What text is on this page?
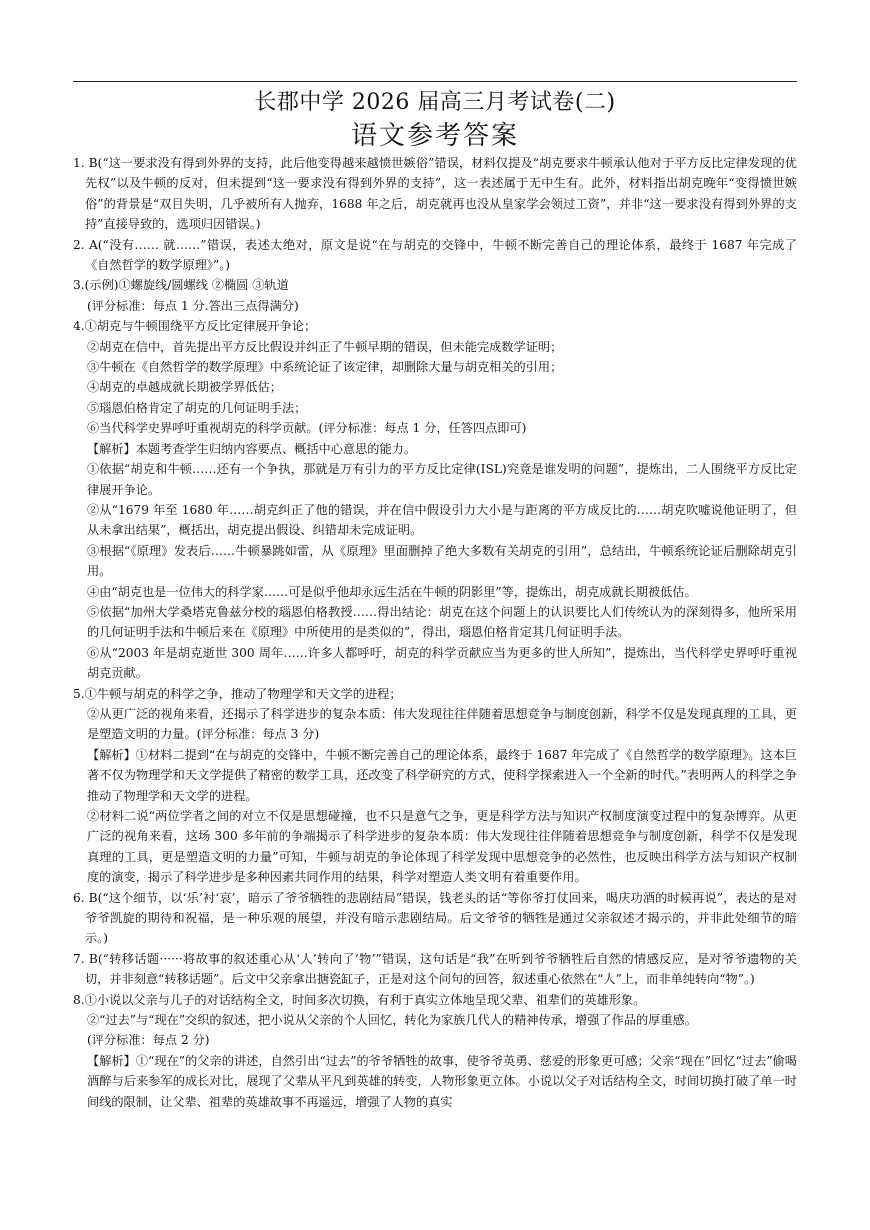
长郡中学 2026 届高三月考试卷(二)
语文参考答案

1. B(“这一要求没有得到外界的支持，此后他变得越来越愤世嫉俗”错误，材料仅提及“胡克要求牛顿承认他对于平方反比定律发现的优先权”以及牛顿的反对，但未提到“这一要求没有得到外界的支持”，这一表述属于无中生有。此外，材料指出胡克晚年“变得愤世嫉俗”的背景是“双目失明，几乎被所有人抛弃，1688 年之后，胡克就再也没从皇家学会领过工资”，并非“这一要求没有得到外界的支持”直接导致的，选项归因错误。)

2. A(“没有…… 就……”错误，表述太绝对，原文是说“在与胡克的交锋中，牛顿不断完善自己的理论体系，最终于 1687 年完成了《自然哲学的数学原理》”。)

3.(示例)①螺旋线/圆螺线 ②椭圆 ③轨道

(评分标准：每点 1 分.答出三点得满分)

4.①胡克与牛顿围绕平方反比定律展开争论；

②胡克在信中，首先提出平方反比假设并纠正了牛顿早期的错误，但未能完成数学证明；

③牛顿在《自然哲学的数学原理》中系统论证了该定律，却删除大量与胡克相关的引用；

④胡克的卓越成就长期被学界低估；

⑤瑙恩伯格肯定了胡克的几何证明手法；

⑥当代科学史界呼吁重视胡克的科学贡献。(评分标准：每点 1 分，任答四点即可)

【解析】本题考查学生归纳内容要点、概括中心意思的能力。

①依据“胡克和牛顿……还有一个争执，那就是万有引力的平方反比定律(ISL)究竟是谁发明的问题”，提炼出，二人围绕平方反比定律展开争论。

②从“1679 年至 1680 年……胡克纠正了他的错误，并在信中假设引力大小是与距离的平方成反比的……胡克吹嘘说他证明了，但从未拿出结果”，概括出，胡克提出假设、纠错却未完成证明。

③根据“《原理》发表后……牛顿暴跳如雷，从《原理》里面删掉了绝大多数有关胡克的引用”，总结出，牛顿系统论证后删除胡克引用。

④由“胡克也是一位伟大的科学家……可是似乎他却永远生活在牛顿的阴影里”等，提炼出，胡克成就长期被低估。

⑤依据“加州大学桑塔克鲁兹分校的瑙恩伯格教授……得出结论：胡克在这个问题上的认识要比人们传统认为的深刻得多，他所采用的几何证明手法和牛顿后来在《原理》中所使用的是类似的”，得出，瑙恩伯格肯定其几何证明手法。

⑥从“2003 年是胡克逝世 300 周年……许多人都呼吁，胡克的科学贡献应当为更多的世人所知”，提炼出，当代科学史界呼吁重视胡克贡献。

5.①牛顿与胡克的科学之争，推动了物理学和天文学的进程；

②从更广泛的视角来看，还揭示了科学进步的复杂本质：伟大发现往往伴随着思想竞争与制度创新，科学不仅是发现真理的工具，更是塑造文明的力量。(评分标准：每点 3 分)

【解析】①材料二提到“在与胡克的交锋中，牛顿不断完善自己的理论体系，最终于 1687 年完成了《自然哲学的数学原理》。这本巨著不仅为物理学和天文学提供了精密的数学工具，还改变了科学研究的方式，使科学探索进入一个全新的时代。”表明两人的科学之争推动了物理学和天文学的进程。

②材料二说“两位学者之间的对立不仅是思想碰撞，也不只是意气之争，更是科学方法与知识产权制度演变过程中的复杂博弈。从更广泛的视角来看，这场 300 多年前的争端揭示了科学进步的复杂本质：伟大发现往往伴随着思想竞争与制度创新，科学不仅是发现真理的工具，更是塑造文明的力量”可知，牛顿与胡克的争论体现了科学发现中思想竞争的必然性，也反映出科学方法与知识产权制度的演变，揭示了科学进步是多种因素共同作用的结果，科学对塑造人类文明有着重要作用。

6. B(“这个细节，以‘乐’衬‘哀’，暗示了爷爷牺牲的悲剧结局”错误，钱老头的话“等你爷打仗回来，喝庆功酒的时候再说”，表达的是对爷爷凯旋的期待和祝福，是一种乐观的展望，并没有暗示悲剧结局。后文爷爷的牺牲是通过父亲叙述才揭示的，并非此处细节的暗示。)

7. B(“转移话题······将故事的叙述重心从‘人’转向了‘物’”错误，这句话是“我”在听到爷爷牺牲后自然的情感反应，是对爷爷遗物的关切，并非刻意“转移话题”。后文中父亲拿出搪瓷缸子，正是对这个问句的回答，叙述重心依然在“人”上，而非单纯转向“物”。)

8.①小说以父亲与儿子的对话结构全文，时间多次切换，有利于真实立体地呈现父辈、祖辈们的英雄形象。

②“过去”与“现在”交织的叙述，把小说从父亲的个人回忆，转化为家族几代人的精神传承，增强了作品的厚重感。

(评分标准：每点 2 分)

【解析】①“现在”的父亲的讲述，自然引出“过去”的爷爷牺牲的故事，使爷爷英勇、慈爱的形象更可感；父亲“现在”回忆“过去”偷喝酒醉与后来参军的成长对比，展现了父辈从平凡到英雄的转变，人物形象更立体。小说以父子对话结构全文，时间切换打破了单一时间线的限制，让父辈、祖辈的英雄故事不再遥远，增强了人物的真实
